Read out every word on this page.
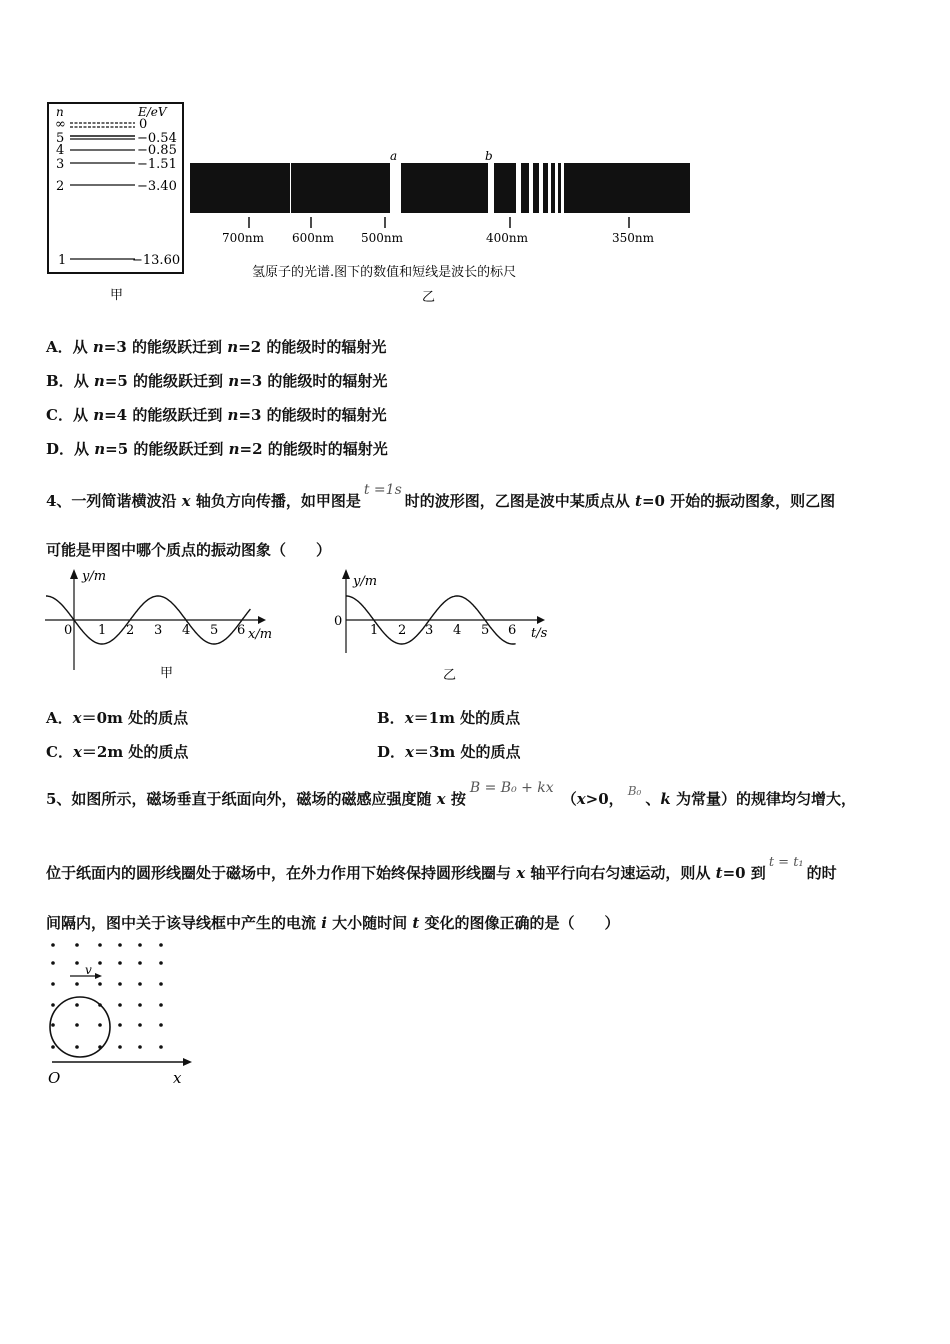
n	E/eV
∞	0
5	−0.54
4	−0.85
3	−1.51
2	−3.40
1	−13.60
甲
a	b
700nm 600nm 500nm	400nm	350nm
氢原子的光谱.图下的数值和短线是波长的标尺
乙
A．从 n=3 的能级跃迁到 n=2 的能级时的辐射光
B．从 n=5 的能级跃迁到 n=3 的能级时的辐射光
C．从 n=4 的能级跃迁到 n=3 的能级时的辐射光
D．从 n=5 的能级跃迁到 n=2 的能级时的辐射光
4、一列简谐横波沿 x 轴负方向传播，如甲图是t =1s时的波形图，乙图是波中某质点从 t=0 开始的振动图象，则乙图
可能是甲图中哪个质点的振动图象（　　）
y/m
x/m
0 1 2 3 4 5 6
甲
y/m
t/s
0
1 2 3 4 5 6
乙
A．x＝0m 处的质点	B．x＝1m 处的质点
C．x＝2m 处的质点	D．x＝3m 处的质点
5、如图所示，磁场垂直于纸面向外，磁场的磁感应强度随 x 按B = B₀ + kx（x>0， $^{B_0}$ 、k 为常量）的规律均匀增大，
位于纸面内的圆形线圈处于磁场中，在外力作用下始终保持圆形线圈与 x 轴平行向右匀速运动，则从 t=0 到t = t₁的时
间隔内，图中关于该导线框中产生的电流 i 大小随时间 t 变化的图像正确的是（　　）
v
O	x
